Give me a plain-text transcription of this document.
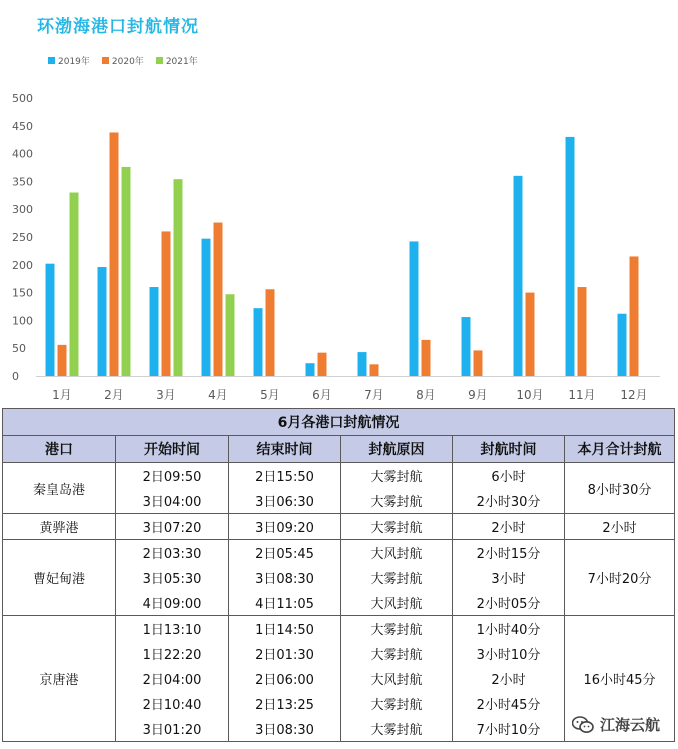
环渤海港口封航情况
2019年 2020年 2021年
500
450
400
350
300
250
200
150
100
50
0
1月	2月	3月	4月	5月	6月	7月	8月	9月 10月 11月 12月
6月各港口封航情况					
港口	开始时间	结束时间	封航原因	封航时间	本月合计封航
秦皇岛港	2日09:50	2日15:50	大雾封航	6小时	8小时30分
	3日04:00	3日06:30	大雾封航	2小时30分	
黄骅港	3日07:20	3日09:20	大雾封航	2小时	2小时
曹妃甸港	2日03:30	2日05:45	大风封航	2小时15分	7小时20分
	3日05:30	3日08:30	大雾封航	3小时	
	4日09:00	4日11:05	大风封航	2小时05分	
京唐港	1日13:10	1日14:50	大雾封航	1小时40分	16小时45分
	1日22:20	2日01:30	大雾封航	3小时10分	
	2日04:00	2日06:00	大风封航	2小时	
	2日10:40	2日13:25	大雾封航	2小时45分	
	3日01:20	3日08:30	大雾封航	7小时10分		江海云航
